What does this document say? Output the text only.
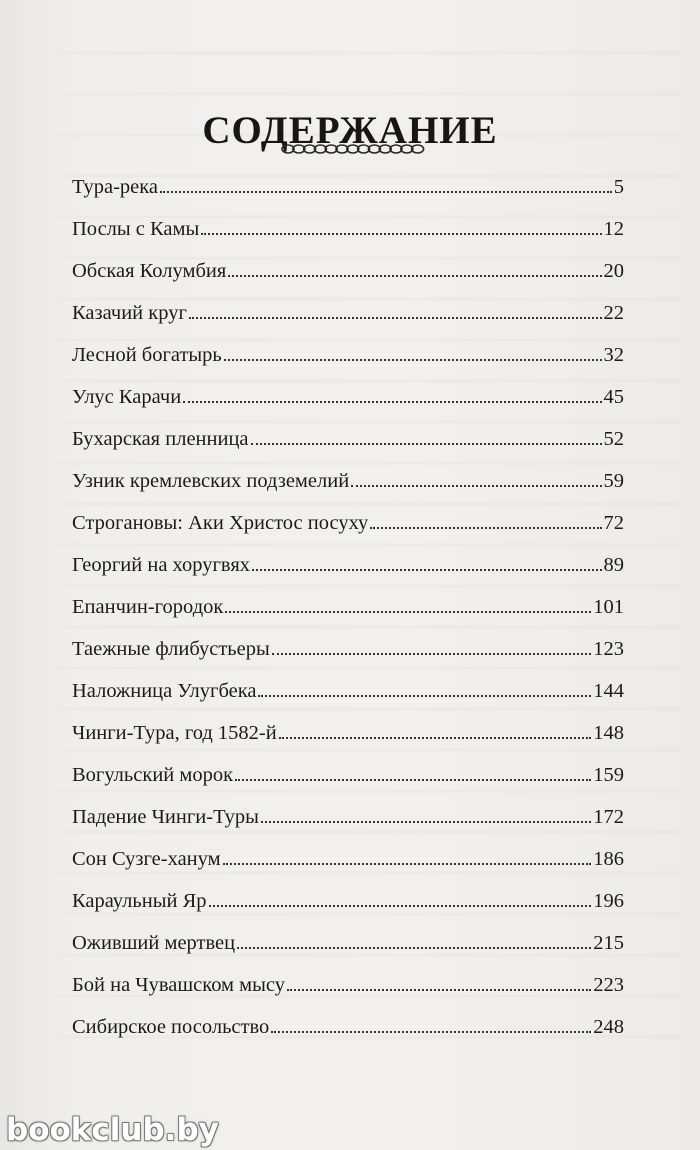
СОДЕРЖАНИЕ
Тура-река	5
Послы с Камы	12
Обская Колумбия	20
Казачий круг	22
Лесной богатырь	32
Улус Карачи	45
Бухарская пленница	52
Узник кремлевских подземелий	59
Строгановы: Аки Христос посуху	72
Георгий на хоругвях	89
Епанчин-городок	101
Таежные флибустьеры	123
Наложница Улугбека	144
Чинги-Тура, год 1582-й	148
Вогульский морок	159
Падение Чинги-Туры	172
Сон Сузге-ханум	186
Караульный Яр	196
Оживший мертвец	215
Бой на Чувашском мысу	223
Сибирское посольство	248
bookclub.by
